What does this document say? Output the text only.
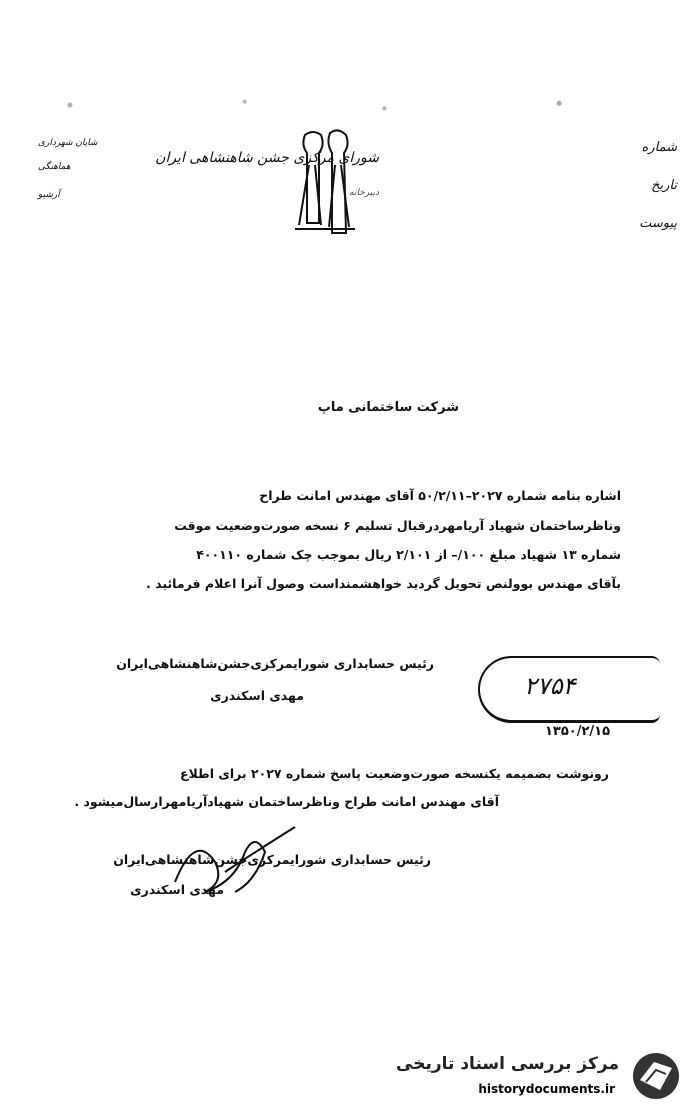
شورای مرکزی جشن شاهنشاهی ایران
دبیرخانه
شماره
تاریخ
پیوست
شایان شهرداری
هماهنگی
آرشیو
شرکت ساختمانی ماپ
اشاره بنامه شماره ۲۰۲۷–۵۰/۲/۱۱ آقای مهندس امانت طراح
وناظرساختمان شهیاد آریامهردرقبال تسلیم ۶ نسخه صورت‌وضعیت موقت
شماره ۱۳ شهیاد مبلغ ۱۰۰/– از ۲/۱۰۱ ریال بموجب چک شماره ۴۰۰۱۱۰
بآقای مهندس بوولنص تحویل گردید خواهشمنداست وصول آنرا اعلام فرمائید .
رئیس حسابداری شورایمرکزی‌جشن‌شاهنشاهی‌ایران
مهدی اسکندری	۲۷۵۴
۱۳۵۰/۲/۱۵
رونوشت بضمیمه یکنسخه صورت‌وضعیت پاسخ شماره ۲۰۲۷ برای اطلاع
آقای مهندس امانت طراح وناظرساختمان شهیادآریامهرارسال‌میشود .
رئیس حسابداری شورایمرکزی‌جشن‌شاهنشاهی‌ایران
مهدی اسکندری
مرکز بررسی اسناد تاریخی
historydocuments.ir
